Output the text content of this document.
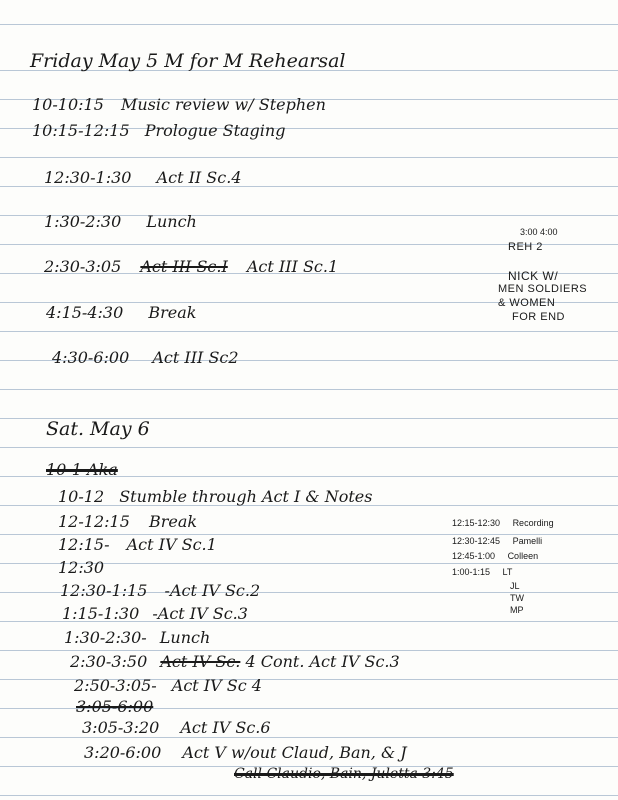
Friday May 5 M for M Rehearsal
10-10:15 Music review w/ Stephen
10:15-12:15 Prologue Staging
12:30-1:30 Act II Sc.4
1:30-2:30 Lunch
2:30-3:05 Act III Sc.I Act III Sc.1
4:15-4:30 Break
4:30-6:00 Act III Sc2
3:00 4:00
REH 2
NICK W/
MEN SOLDIERS
& WOMEN
FOR END
Sat. May 6
10-1 Aka
10-12 Stumble through Act I & Notes
12-12:15 Break
12:15- Act IV Sc.1
12:30
12:30-1:15 -Act IV Sc.2
1:15-1:30 -Act IV Sc.3
1:30-2:30- Lunch
2:30-3:50 Act IV Sc. 4 Cont. Act IV Sc.3
2:50-3:05- Act IV Sc 4
3:05-6:00
3:05-3:20 Act IV Sc.6
3:20-6:00 Act V w/out Claud, Ban, & J
Call Claudio, Bain, Juletta 3:45
12:15-12:30 Recording
12:30-12:45 Pamelli
12:45-1:00 Colleen
1:00-1:15 LT
JL
TW
MP
